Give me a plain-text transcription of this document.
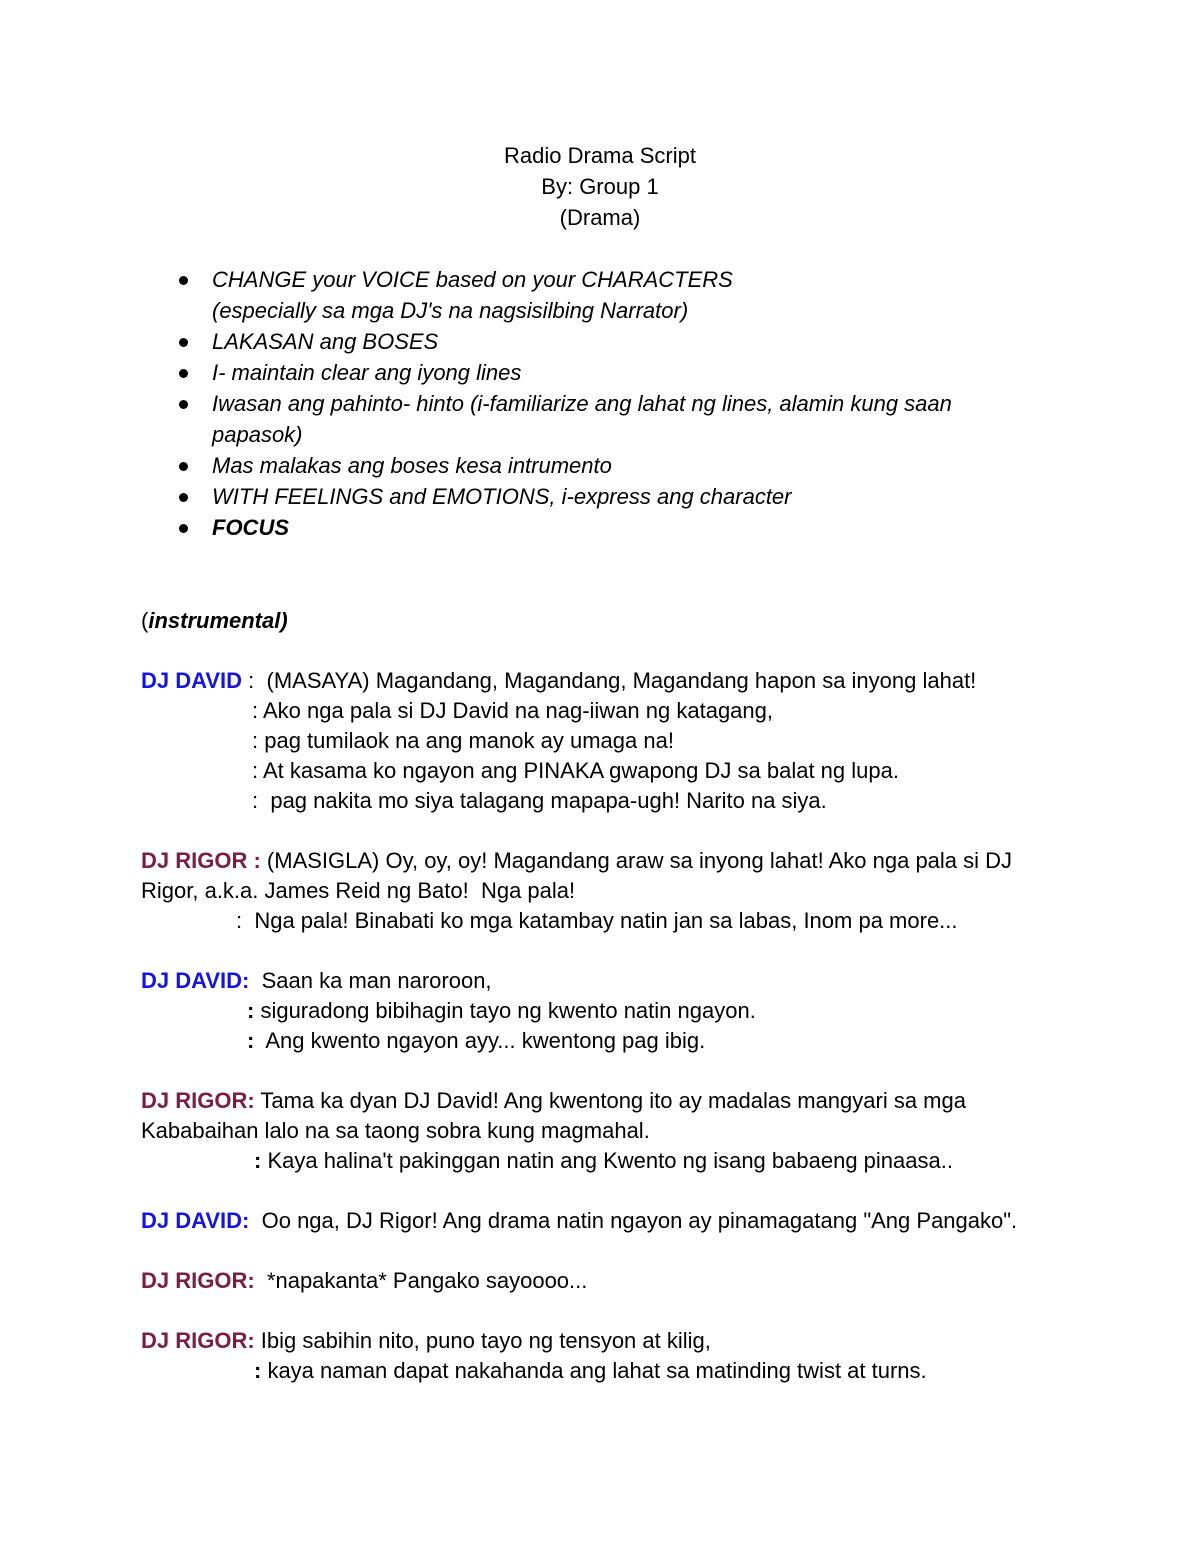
Radio Drama Script
By: Group 1
(Drama)
CHANGE your VOICE based on your CHARACTERS
(especially sa mga DJ's na nagsisilbing Narrator)
LAKASAN ang BOSES
I- maintain clear ang iyong lines
Iwasan ang pahinto- hinto (i-familiarize ang lahat ng lines, alamin kung saan
papasok)
Mas malakas ang boses kesa intrumento
WITH FEELINGS and EMOTIONS, i-express ang character
FOCUS
(instrumental)
DJ DAVID :  (MASAYA) Magandang, Magandang, Magandang hapon sa inyong lahat!
: Ako nga pala si DJ David na nag-iiwan ng katagang,
: pag tumilaok na ang manok ay umaga na!
: At kasama ko ngayon ang PINAKA gwapong DJ sa balat ng lupa.
:  pag nakita mo siya talagang mapapa-ugh! Narito na siya.
DJ RIGOR : (MASIGLA) Oy, oy, oy! Magandang araw sa inyong lahat! Ako nga pala si DJ
Rigor, a.k.a. James Reid ng Bato!  Nga pala!
:  Nga pala! Binabati ko mga katambay natin jan sa labas, Inom pa more...
DJ DAVID:  Saan ka man naroroon,
: siguradong bibihagin tayo ng kwento natin ngayon.
:  Ang kwento ngayon ayy... kwentong pag ibig.
DJ RIGOR: Tama ka dyan DJ David! Ang kwentong ito ay madalas mangyari sa mga
Kababaihan lalo na sa taong sobra kung magmahal.
: Kaya halina't pakinggan natin ang Kwento ng isang babaeng pinaasa..
DJ DAVID:  Oo nga, DJ Rigor! Ang drama natin ngayon ay pinamagatang "Ang Pangako".
DJ RIGOR:  *napakanta* Pangako sayoooo...
DJ RIGOR: Ibig sabihin nito, puno tayo ng tensyon at kilig,
: kaya naman dapat nakahanda ang lahat sa matinding twist at turns.
